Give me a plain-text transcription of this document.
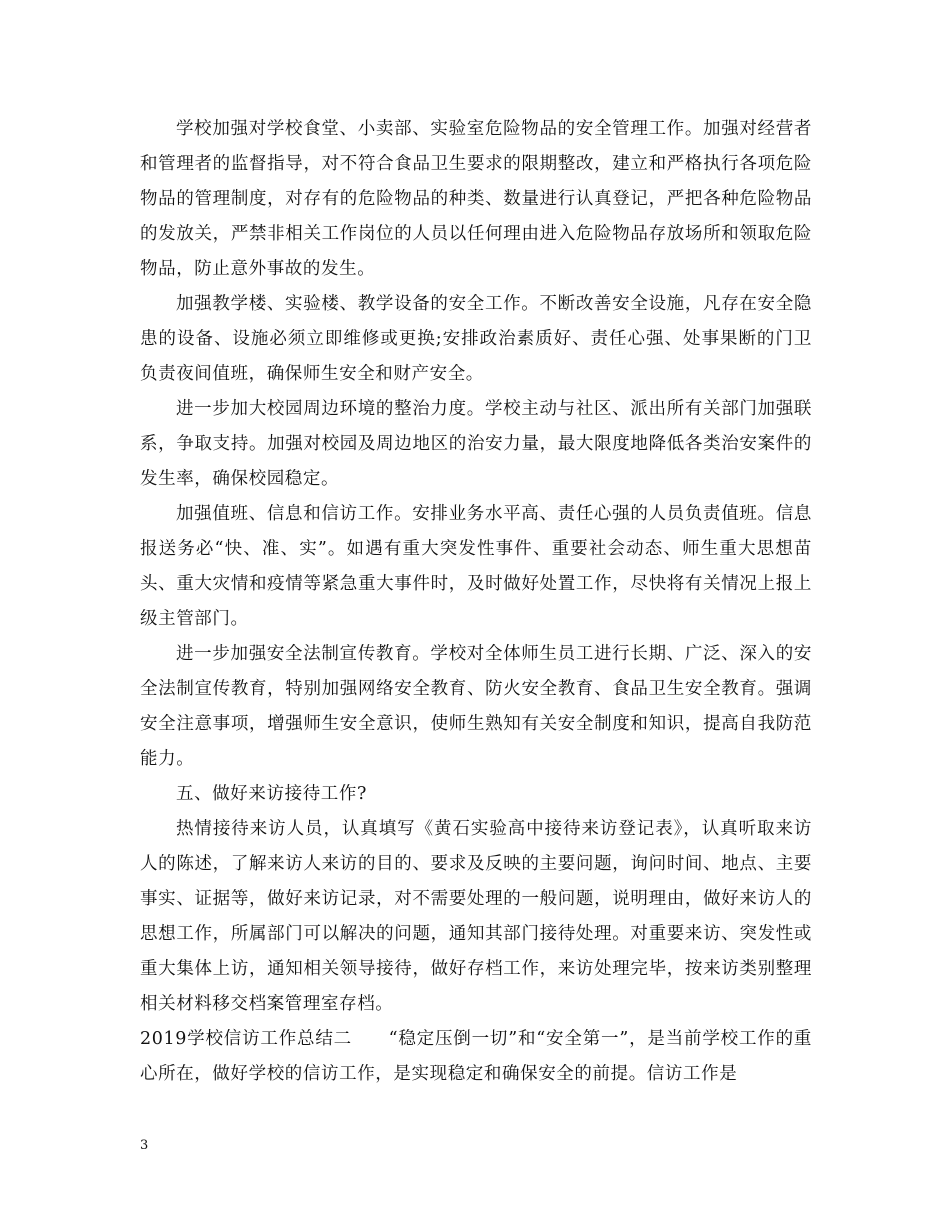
学校加强对学校食堂、小卖部、实验室危险物品的安全管理工作。加强对经营者和管理者的监督指导，对不符合食品卫生要求的限期整改，建立和严格执行各项危险物品的管理制度，对存有的危险物品的种类、数量进行认真登记，严把各种危险物品的发放关，严禁非相关工作岗位的人员以任何理由进入危险物品存放场所和领取危险物品，防止意外事故的发生。

加强教学楼、实验楼、教学设备的安全工作。不断改善安全设施，凡存在安全隐患的设备、设施必须立即维修或更换;安排政治素质好、责任心强、处事果断的门卫负责夜间值班，确保师生安全和财产安全。

进一步加大校园周边环境的整治力度。学校主动与社区、派出所有关部门加强联系，争取支持。加强对校园及周边地区的治安力量，最大限度地降低各类治安案件的发生率，确保校园稳定。

加强值班、信息和信访工作。安排业务水平高、责任心强的人员负责值班。信息报送务必“快、准、实”。如遇有重大突发性事件、重要社会动态、师生重大思想苗头、重大灾情和疫情等紧急重大事件时，及时做好处置工作，尽快将有关情况上报上级主管部门。

进一步加强安全法制宣传教育。学校对全体师生员工进行长期、广泛、深入的安全法制宣传教育，特别加强网络安全教育、防火安全教育、食品卫生安全教育。强调安全注意事项，增强师生安全意识，使师生熟知有关安全制度和知识，提高自我防范能力。

五、做好来访接待工作?

热情接待来访人员，认真填写《黄石实验高中接待来访登记表》，认真听取来访人的陈述，了解来访人来访的目的、要求及反映的主要问题，询问时间、地点、主要事实、证据等，做好来访记录，对不需要处理的一般问题，说明理由，做好来访人的思想工作，所属部门可以解决的问题，通知其部门接待处理。对重要来访、突发性或重大集体上访，通知相关领导接待，做好存档工作，来访处理完毕，按来访类别整理相关材料移交档案管理室存档。

2019学校信访工作总结二　　“稳定压倒一切”和“安全第一”，是当前学校工作的重心所在，做好学校的信访工作，是实现稳定和确保安全的前提。信访工作是

3
